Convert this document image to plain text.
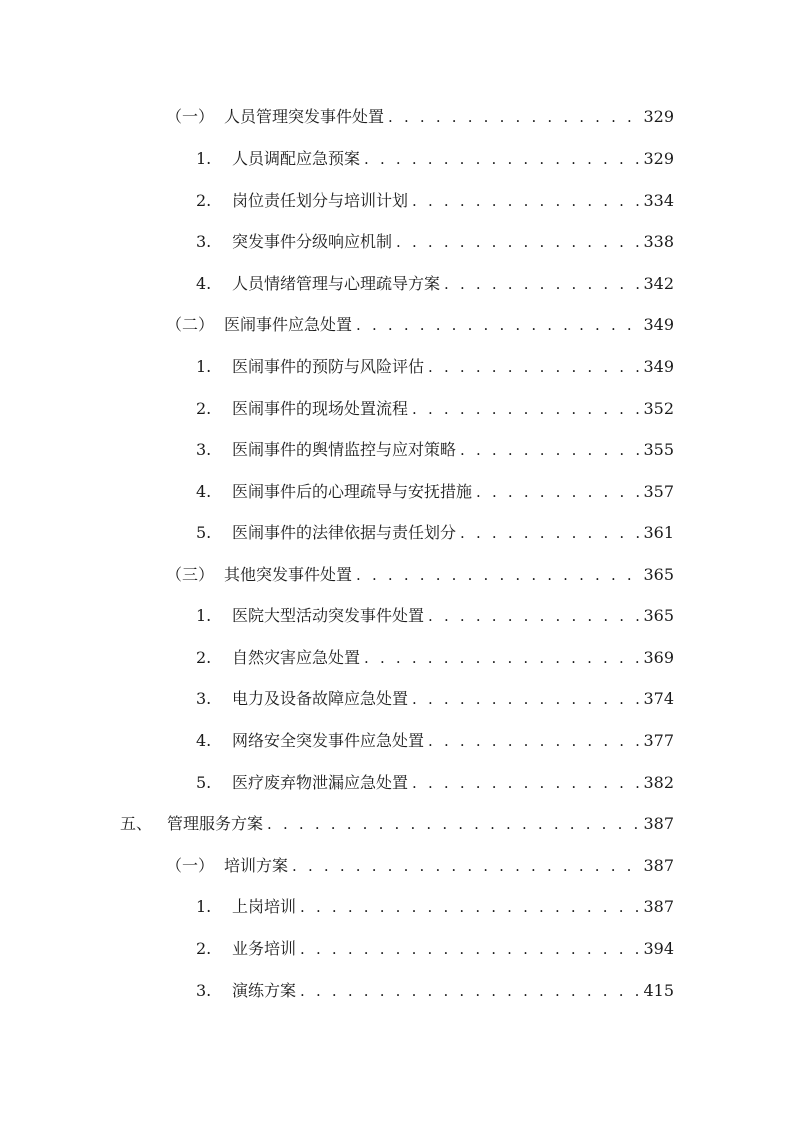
（一） 人员管理突发事件处置 . . .	329
1.	人员调配应急预案 . . .	329
2.	岗位责任划分与培训计划 . . .	334
3.	突发事件分级响应机制 . . .	338
4.	人员情绪管理与心理疏导方案 . . .	342
（二） 医闹事件应急处置 . . .	349
1.	医闹事件的预防与风险评估 . . .	349
2.	医闹事件的现场处置流程 . . .	352
3.	医闹事件的舆情监控与应对策略 . . .	355
4.	医闹事件后的心理疏导与安抚措施 . . .	357
5.	医闹事件的法律依据与责任划分 . . .	361
（三） 其他突发事件处置 . . .	365
1.	医院大型活动突发事件处置 . . .	365
2.	自然灾害应急处置 . . .	369
3.	电力及设备故障应急处置 . . .	374
4.	网络安全突发事件应急处置 . . .	377
5.	医疗废弃物泄漏应急处置 . . .	382
五、 管理服务方案 . . .	387
（一） 培训方案 . . .	387
1.	上岗培训 . . .	387
2.	业务培训 . . .	394
3.	演练方案 . . .	415
